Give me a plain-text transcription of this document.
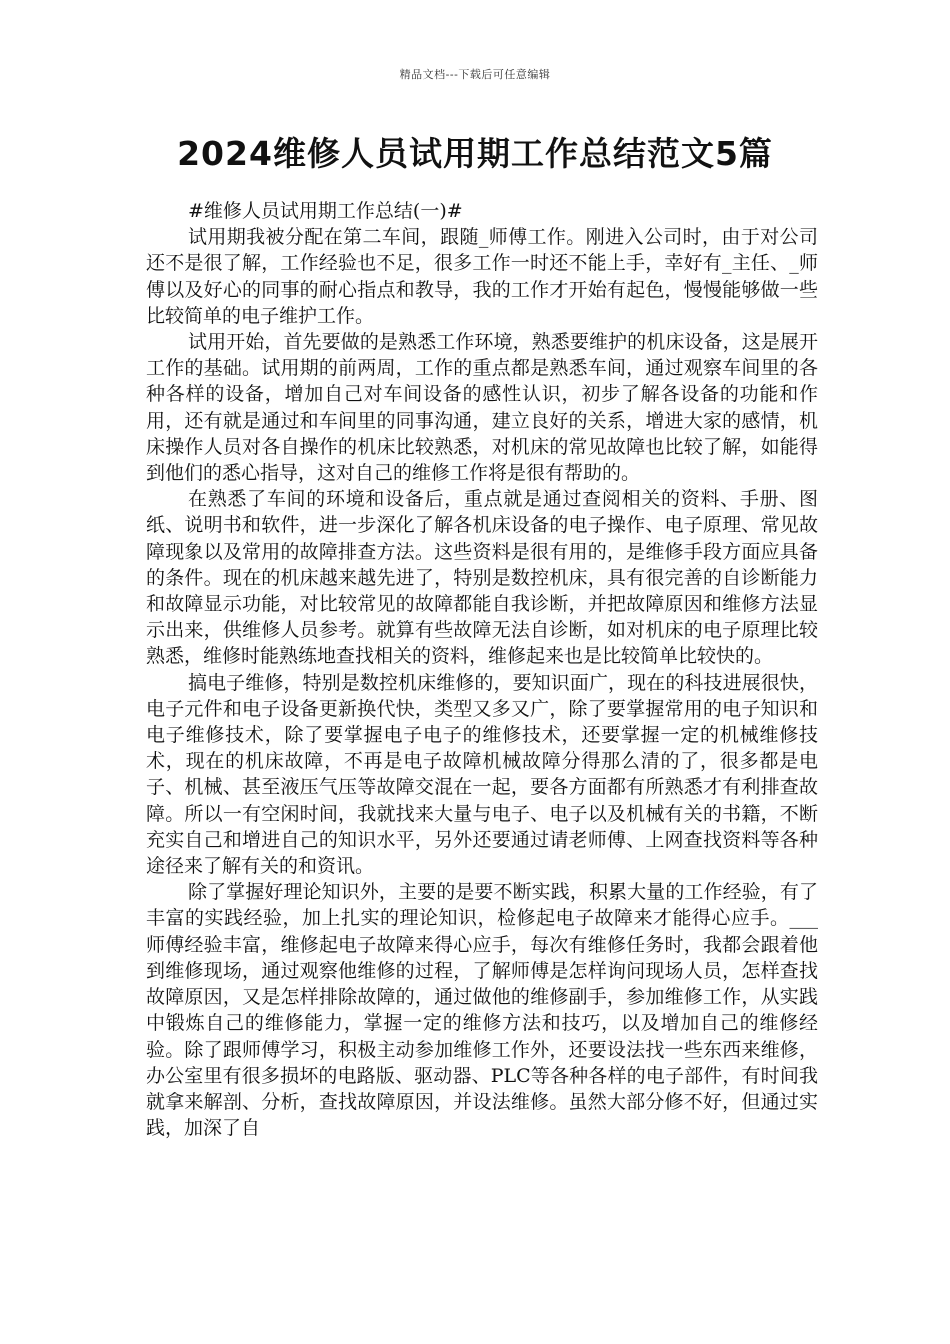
精品文档---下载后可任意编辑
2024维修人员试用期工作总结范文5篇

#维修人员试用期工作总结(一)#

试用期我被分配在第二车间，跟随_师傅工作。刚进入公司时，由于对公司还不是很了解，工作经验也不足，很多工作一时还不能上手，幸好有_主任、_师傅以及好心的同事的耐心指点和教导，我的工作才开始有起色，慢慢能够做一些比较简单的电子维护工作。

试用开始，首先要做的是熟悉工作环境，熟悉要维护的机床设备，这是展开工作的基础。试用期的前两周，工作的重点都是熟悉车间，通过观察车间里的各种各样的设备，增加自己对车间设备的感性认识，初步了解各设备的功能和作用，还有就是通过和车间里的同事沟通，建立良好的关系，增进大家的感情，机床操作人员对各自操作的机床比较熟悉，对机床的常见故障也比较了解，如能得到他们的悉心指导，这对自己的维修工作将是很有帮助的。

在熟悉了车间的环境和设备后，重点就是通过查阅相关的资料、手册、图纸、说明书和软件，进一步深化了解各机床设备的电子操作、电子原理、常见故障现象以及常用的故障排查方法。这些资料是很有用的，是维修手段方面应具备的条件。现在的机床越来越先进了，特别是数控机床，具有很完善的自诊断能力和故障显示功能，对比较常见的故障都能自我诊断，并把故障原因和维修方法显示出来，供维修人员参考。就算有些故障无法自诊断，如对机床的电子原理比较熟悉，维修时能熟练地查找相关的资料，维修起来也是比较简单比较快的。

搞电子维修，特别是数控机床维修的，要知识面广，现在的科技进展很快，电子元件和电子设备更新换代快，类型又多又广，除了要掌握常用的电子知识和电子维修技术，除了要掌握电子电子的维修技术，还要掌握一定的机械维修技术，现在的机床故障，不再是电子故障机械故障分得那么清的了，很多都是电子、机械、甚至液压气压等故障交混在一起，要各方面都有所熟悉才有利排查故障。所以一有空闲时间，我就找来大量与电子、电子以及机械有关的书籍，不断充实自己和增进自己的知识水平，另外还要通过请老师傅、上网查找资料等各种途径来了解有关的和资讯。

除了掌握好理论知识外，主要的是要不断实践，积累大量的工作经验，有了丰富的实践经验，加上扎实的理论知识，检修起电子故障来才能得心应手。___师傅经验丰富，维修起电子故障来得心应手，每次有维修任务时，我都会跟着他到维修现场，通过观察他维修的过程，了解师傅是怎样询问现场人员，怎样查找故障原因，又是怎样排除故障的，通过做他的维修副手，参加维修工作，从实践中锻炼自己的维修能力，掌握一定的维修方法和技巧，以及增加自己的维修经验。除了跟师傅学习，积极主动参加维修工作外，还要设法找一些东西来维修，办公室里有很多损坏的电路版、驱动器、PLC等各种各样的电子部件，有时间我就拿来解剖、分析，查找故障原因，并设法维修。虽然大部分修不好，但通过实践，加深了自
